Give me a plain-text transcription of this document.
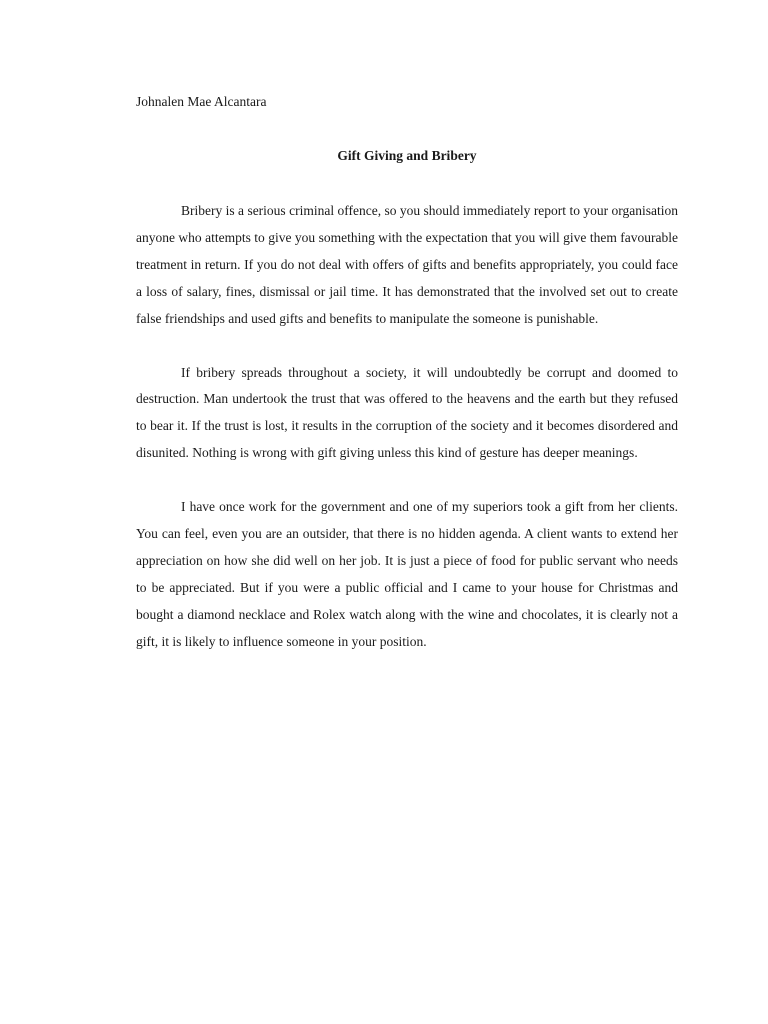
Johnalen Mae Alcantara
Gift Giving and Bribery

Bribery is a serious criminal offence, so you should immediately report to your organisation anyone who attempts to give you something with the expectation that you will give them favourable treatment in return. If you do not deal with offers of gifts and benefits appropriately, you could face a loss of salary, fines, dismissal or jail time. It has demonstrated that the involved set out to create false friendships and used gifts and benefits to manipulate the someone is punishable.

If bribery spreads throughout a society, it will undoubtedly be corrupt and doomed to destruction. Man undertook the trust that was offered to the heavens and the earth but they refused to bear it. If the trust is lost, it results in the corruption of the society and it becomes disordered and disunited. Nothing is wrong with gift giving unless this kind of gesture has deeper meanings.

I have once work for the government and one of my superiors took a gift from her clients. You can feel, even you are an outsider, that there is no hidden agenda. A client wants to extend her appreciation on how she did well on her job. It is just a piece of food for public servant who needs to be appreciated. But if you were a public official and I came to your house for Christmas and bought a diamond necklace and Rolex watch along with the wine and chocolates, it is clearly not a gift, it is likely to influence someone in your position.
